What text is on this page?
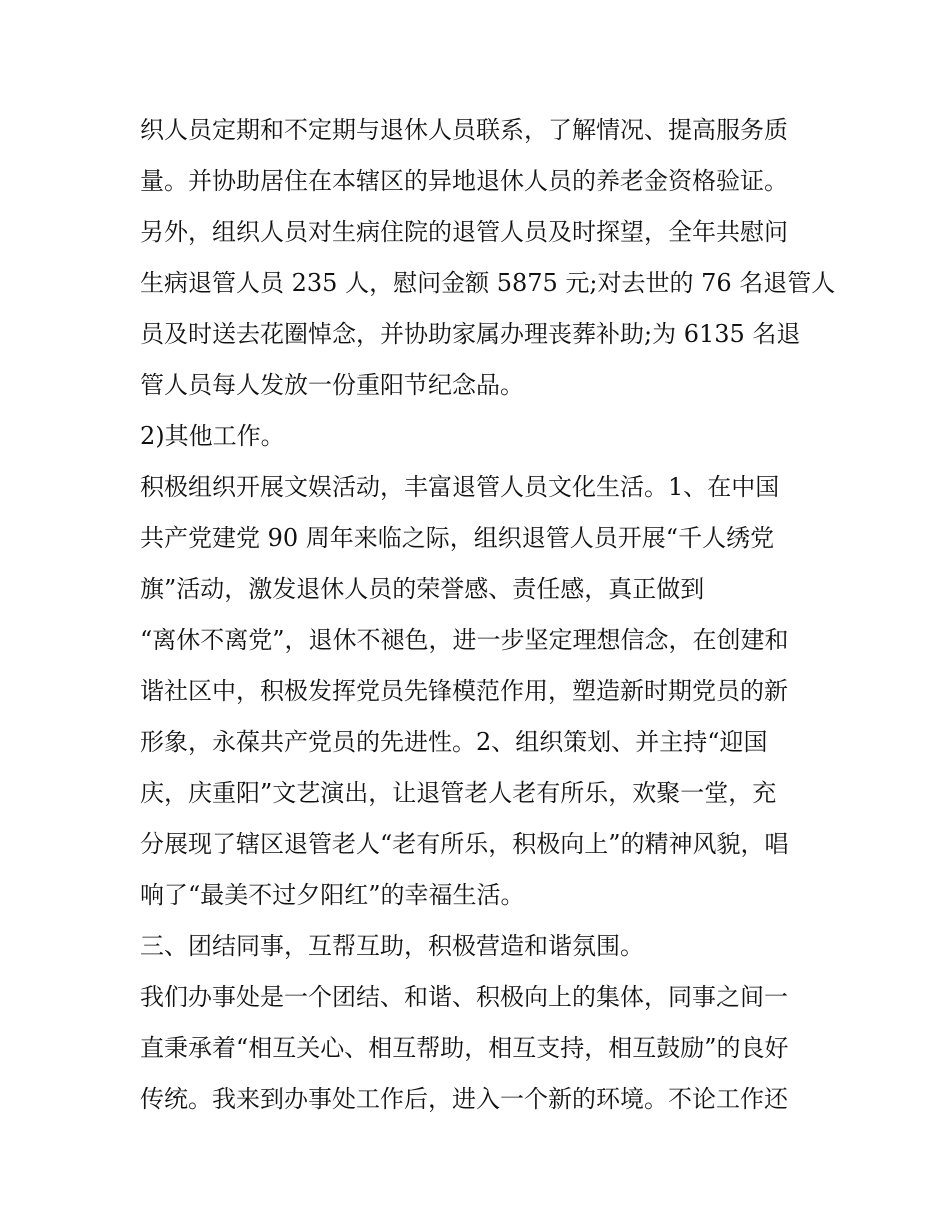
织人员定期和不定期与退休人员联系，了解情况、提高服务质
量。并协助居住在本辖区的异地退休人员的养老金资格验证。
另外，组织人员对生病住院的退管人员及时探望，全年共慰问
生病退管人员 235 人，慰问金额 5875 元;对去世的 76 名退管人
员及时送去花圈悼念，并协助家属办理丧葬补助;为 6135 名退
管人员每人发放一份重阳节纪念品。
2)其他工作。
积极组织开展文娱活动，丰富退管人员文化生活。1、在中国
共产党建党 90 周年来临之际，组织退管人员开展“千人绣党
旗”活动，激发退休人员的荣誉感、责任感，真正做到
“离休不离党”，退休不褪色，进一步坚定理想信念，在创建和
谐社区中，积极发挥党员先锋模范作用，塑造新时期党员的新
形象，永葆共产党员的先进性。2、组织策划、并主持“迎国
庆，庆重阳”文艺演出，让退管老人老有所乐，欢聚一堂，充
分展现了辖区退管老人“老有所乐，积极向上”的精神风貌，唱
响了“最美不过夕阳红”的幸福生活。
三、团结同事，互帮互助，积极营造和谐氛围。
我们办事处是一个团结、和谐、积极向上的集体，同事之间一
直秉承着“相互关心、相互帮助，相互支持，相互鼓励”的良好
传统。我来到办事处工作后，进入一个新的环境。不论工作还
